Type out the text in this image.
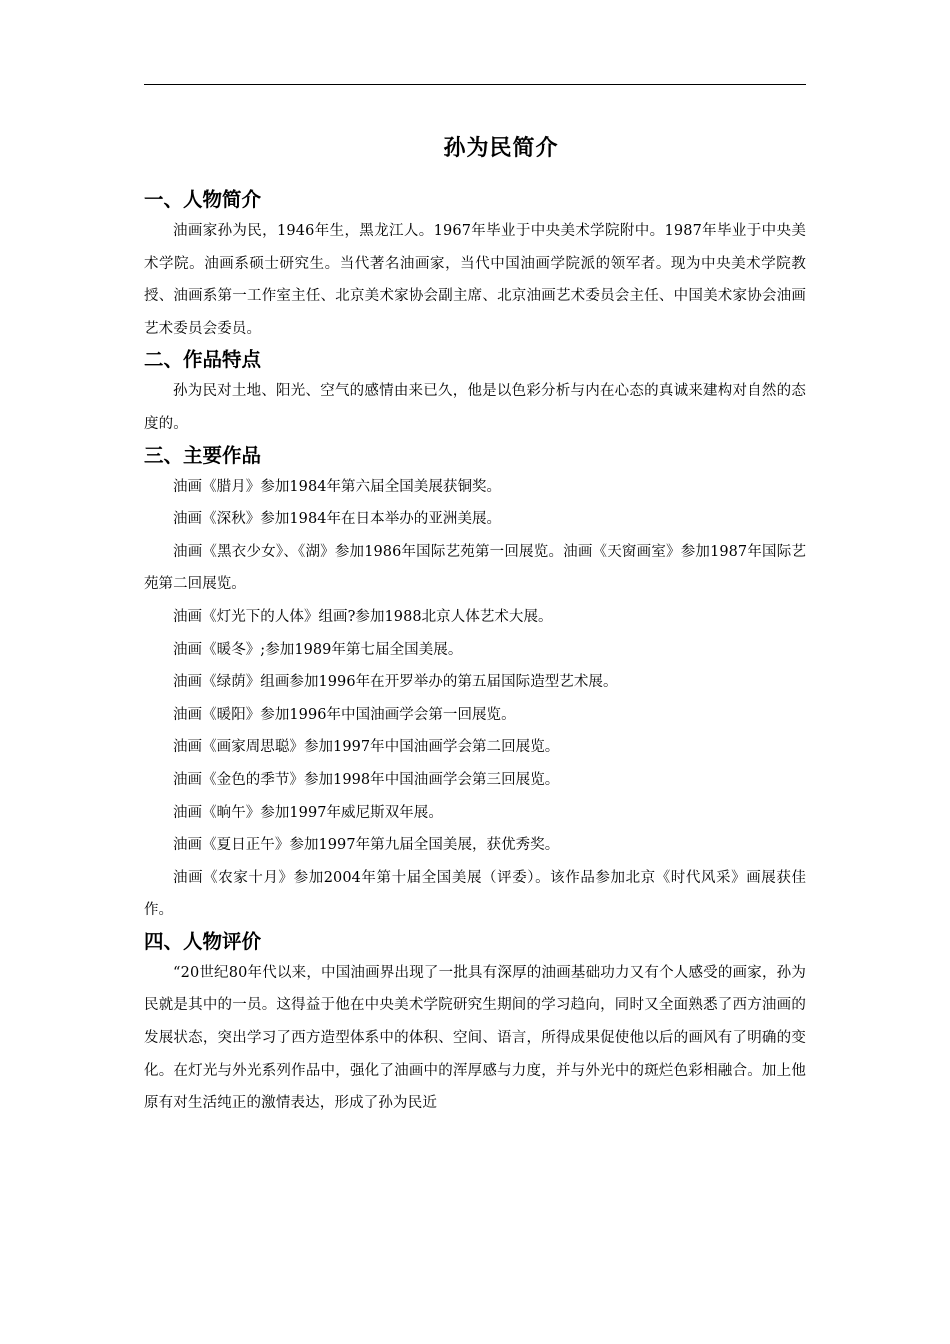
孙为民简介
一、人物简介

油画家孙为民，1946年生，黑龙江人。1967年毕业于中央美术学院附中。1987年毕业于中央美术学院。油画系硕士研究生。当代著名油画家，当代中国油画学院派的领军者。现为中央美术学院教授、油画系第一工作室主任、北京美术家协会副主席、北京油画艺术委员会主任、中国美术家协会油画艺术委员会委员。

二、作品特点

孙为民对土地、阳光、空气的感情由来已久，他是以色彩分析与内在心态的真诚来建构对自然的态度的。

三、主要作品

油画《腊月》参加1984年第六届全国美展获铜奖。

油画《深秋》参加1984年在日本举办的亚洲美展。

油画《黑衣少女》、《湖》参加1986年国际艺苑第一回展览。油画《天窗画室》参加1987年国际艺苑第二回展览。

油画《灯光下的人体》组画?参加1988北京人体艺术大展。

油画《暖冬》;参加1989年第七届全国美展。

油画《绿荫》组画参加1996年在开罗举办的第五届国际造型艺术展。

油画《暖阳》参加1996年中国油画学会第一回展览。

油画《画家周思聪》参加1997年中国油画学会第二回展览。

油画《金色的季节》参加1998年中国油画学会第三回展览。

油画《晌午》参加1997年威尼斯双年展。

油画《夏日正午》参加1997年第九届全国美展，获优秀奖。

油画《农家十月》参加2004年第十届全国美展（评委）。该作品参加北京《时代风采》画展获佳作。

四、人物评价

“20世纪80年代以来，中国油画界出现了一批具有深厚的油画基础功力又有个人感受的画家，孙为民就是其中的一员。这得益于他在中央美术学院研究生期间的学习趋向，同时又全面熟悉了西方油画的发展状态，突出学习了西方造型体系中的体积、空间、语言，所得成果促使他以后的画风有了明确的变化。在灯光与外光系列作品中，强化了油画中的浑厚感与力度，并与外光中的斑烂色彩相融合。加上他原有对生活纯正的激情表达，形成了孙为民近
